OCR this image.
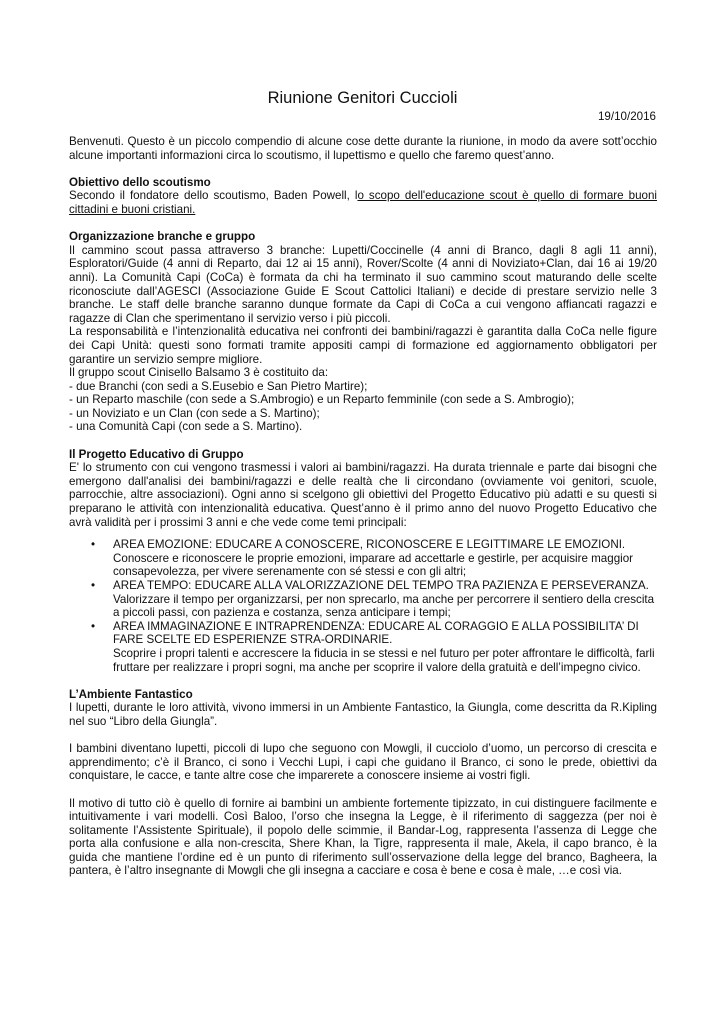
Riunione Genitori Cuccioli
19/10/2016

Benvenuti. Questo è un piccolo compendio di alcune cose dette durante la riunione, in modo da avere sott’occhio alcune importanti informazioni circa lo scoutismo, il lupettismo e quello che faremo quest’anno.

Obiettivo dello scoutismo

Secondo il fondatore dello scoutismo, Baden Powell, lo scopo dell'educazione scout è quello di formare buoni cittadini e buoni cristiani.

Organizzazione branche e gruppo

Il cammino scout passa attraverso 3 branche: Lupetti/Coccinelle (4 anni di Branco, dagli 8 agli 11 anni), Esploratori/Guide (4 anni di Reparto, dai 12 ai 15 anni), Rover/Scolte (4 anni di Noviziato+Clan, dai 16 ai 19/20 anni). La Comunità Capi (CoCa) è formata da chi ha terminato il suo cammino scout maturando delle scelte riconosciute dall’AGESCI (Associazione Guide E Scout Cattolici Italiani) e decide di prestare servizio nelle 3 branche. Le staff delle branche saranno dunque formate da Capi di CoCa a cui vengono affiancati ragazzi e ragazze di Clan che sperimentano il servizio verso i più piccoli.

La responsabilità e l’intenzionalità educativa nei confronti dei bambini/ragazzi è garantita dalla CoCa nelle figure dei Capi Unità: questi sono formati tramite appositi campi di formazione ed aggiornamento obbligatori per garantire un servizio sempre migliore.

Il gruppo scout Cinisello Balsamo 3 è costituito da:

- due Branchi (con sedi a S.Eusebio e San Pietro Martire);

- un Reparto maschile (con sede a S.Ambrogio) e un Reparto femminile (con sede a S. Ambrogio);

- un Noviziato e un Clan (con sede a S. Martino);

- una Comunità Capi (con sede a S. Martino).

Il Progetto Educativo di Gruppo

E' lo strumento con cui vengono trasmessi i valori ai bambini/ragazzi. Ha durata triennale e parte dai bisogni che emergono dall'analisi dei bambini/ragazzi e delle realtà che li circondano (ovviamente voi genitori, scuole, parrocchie, altre associazioni). Ogni anno si scelgono gli obiettivi del Progetto Educativo più adatti e su questi si preparano le attività con intenzionalità educativa. Quest’anno è il primo anno del nuovo Progetto Educativo che avrà validità per i prossimi 3 anni e che vede come temi principali:

• AREA EMOZIONE: EDUCARE A CONOSCERE, RICONOSCERE E LEGITTIMARE LE EMOZIONI.
Conoscere e riconoscere le proprie emozioni, imparare ad accettarle e gestirle, per acquisire maggior consapevolezza, per vivere serenamente con sé stessi e con gli altri;
• AREA TEMPO: EDUCARE ALLA VALORIZZAZIONE DEL TEMPO TRA PAZIENZA E PERSEVERANZA.
Valorizzare il tempo per organizzarsi, per non sprecarlo, ma anche per percorrere il sentiero della crescita a piccoli passi, con pazienza e costanza, senza anticipare i tempi;
• AREA IMMAGINAZIONE E INTRAPRENDENZA: EDUCARE AL CORAGGIO E ALLA POSSIBILITA’ DI FARE SCELTE ED ESPERIENZE STRA-ORDINARIE.
Scoprire i propri talenti e accrescere la fiducia in se stessi e nel futuro per poter affrontare le difficoltà, farli fruttare per realizzare i propri sogni, ma anche per scoprire il valore della gratuità e dell’impegno civico.

L’Ambiente Fantastico

I lupetti, durante le loro attività, vivono immersi in un Ambiente Fantastico, la Giungla, come descritta da R.Kipling nel suo “Libro della Giungla”.

I bambini diventano lupetti, piccoli di lupo che seguono con Mowgli, il cucciolo d’uomo, un percorso di crescita e apprendimento; c’è il Branco, ci sono i Vecchi Lupi, i capi che guidano il Branco, ci sono le prede, obiettivi da conquistare, le cacce, e tante altre cose che imparerete a conoscere insieme ai vostri figli.

Il motivo di tutto ciò è quello di fornire ai bambini un ambiente fortemente tipizzato, in cui distinguere facilmente e intuitivamente i vari modelli. Così Baloo, l’orso che insegna la Legge, è il riferimento di saggezza (per noi è solitamente l’Assistente Spirituale), il popolo delle scimmie, il Bandar-Log, rappresenta l’assenza di Legge che porta alla confusione e alla non-crescita, Shere Khan, la Tigre, rappresenta il male, Akela, il capo branco, è la guida che mantiene l’ordine ed è un punto di riferimento sull’osservazione della legge del branco, Bagheera, la pantera, è l’altro insegnante di Mowgli che gli insegna a cacciare e cosa è bene e cosa è male, …e così via.
